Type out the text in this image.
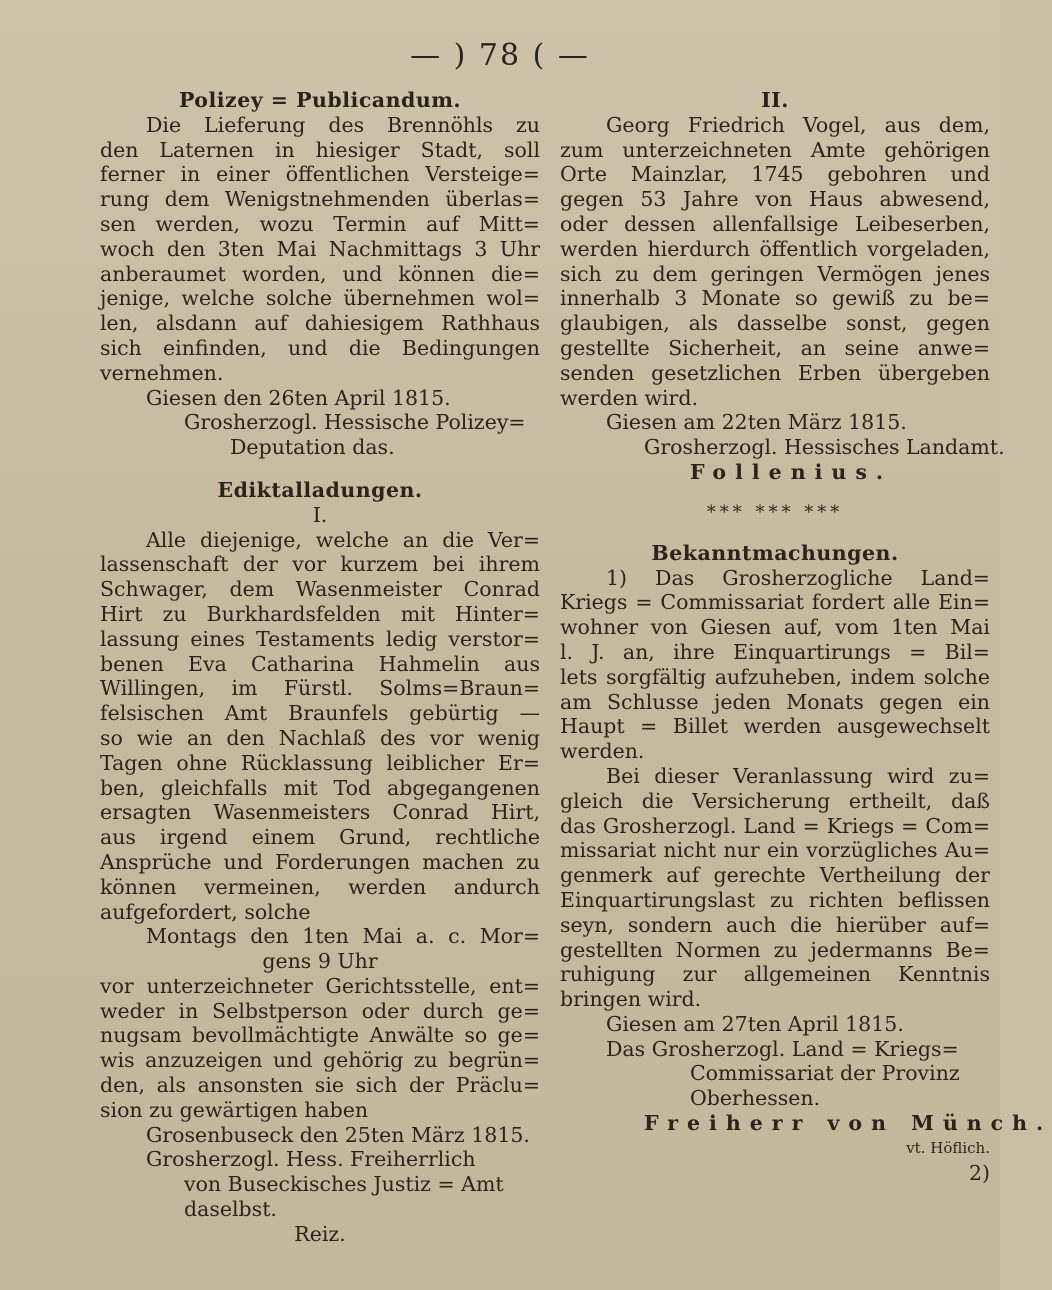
— ) 78 ( —
Polizey = Publicandum.
Die Lieferung des Brennöhls zu
den Laternen in hiesiger Stadt, soll
ferner in einer öffentlichen Versteige=
rung dem Wenigstnehmenden überlas=
sen werden, wozu Termin auf Mitt=
woch den 3ten Mai Nachmittags 3 Uhr
anberaumet worden, und können die=
jenige, welche solche übernehmen wol=
len, alsdann auf dahiesigem Rathhaus
sich einfinden, und die Bedingungen
vernehmen.
Giesen den 26ten April 1815.
Grosherzogl. Hessische Polizey=
Deputation das.
Ediktalladungen.
I.
Alle diejenige, welche an die Ver=
lassenschaft der vor kurzem bei ihrem
Schwager, dem Wasenmeister Conrad
Hirt zu Burkhardsfelden mit Hinter=
lassung eines Testaments ledig verstor=
benen Eva Catharina Hahmelin aus
Willingen, im Fürstl. Solms=Braun=
felsischen Amt Braunfels gebürtig —
so wie an den Nachlaß des vor wenig
Tagen ohne Rücklassung leiblicher Er=
ben, gleichfalls mit Tod abgegangenen
ersagten Wasenmeisters Conrad Hirt,
aus irgend einem Grund, rechtliche
Ansprüche und Forderungen machen zu
können vermeinen, werden andurch
aufgefordert, solche
Montags den 1ten Mai a. c. Mor=
gens 9 Uhr
vor unterzeichneter Gerichtsstelle, ent=
weder in Selbstperson oder durch ge=
nugsam bevollmächtigte Anwälte so ge=
wis anzuzeigen und gehörig zu begrün=
den, als ansonsten sie sich der Präclu=
sion zu gewärtigen haben
Grosenbuseck den 25ten März 1815.
Grosherzogl. Hess. Freiherrlich
von Buseckisches Justiz = Amt
daselbst.
Reiz.
II.
Georg Friedrich Vogel, aus dem,
zum unterzeichneten Amte gehörigen
Orte Mainzlar, 1745 gebohren und
gegen 53 Jahre von Haus abwesend,
oder dessen allenfallsige Leibeserben,
werden hierdurch öffentlich vorgeladen,
sich zu dem geringen Vermögen jenes
innerhalb 3 Monate so gewiß zu be=
glaubigen, als dasselbe sonst, gegen
gestellte Sicherheit, an seine anwe=
senden gesetzlichen Erben übergeben
werden wird.
Giesen am 22ten März 1815.
Grosherzogl. Hessisches Landamt.
Follenius.
*** *** ***
Bekanntmachungen.
1) Das Grosherzogliche Land=
Kriegs = Commissariat fordert alle Ein=
wohner von Giesen auf, vom 1ten Mai
l. J. an, ihre Einquartirungs = Bil=
lets sorgfältig aufzuheben, indem solche
am Schlusse jeden Monats gegen ein
Haupt = Billet werden ausgewechselt
werden.
Bei dieser Veranlassung wird zu=
gleich die Versicherung ertheilt, daß
das Grosherzogl. Land = Kriegs = Com=
missariat nicht nur ein vorzügliches Au=
genmerk auf gerechte Vertheilung der
Einquartirungslast zu richten beflissen
seyn, sondern auch die hierüber auf=
gestellten Normen zu jedermanns Be=
ruhigung zur allgemeinen Kenntnis
bringen wird.
Giesen am 27ten April 1815.
Das Grosherzogl. Land = Kriegs=
Commissariat der Provinz
Oberhessen.
Freiherr von Münch.
vt. Höflich.
2)
